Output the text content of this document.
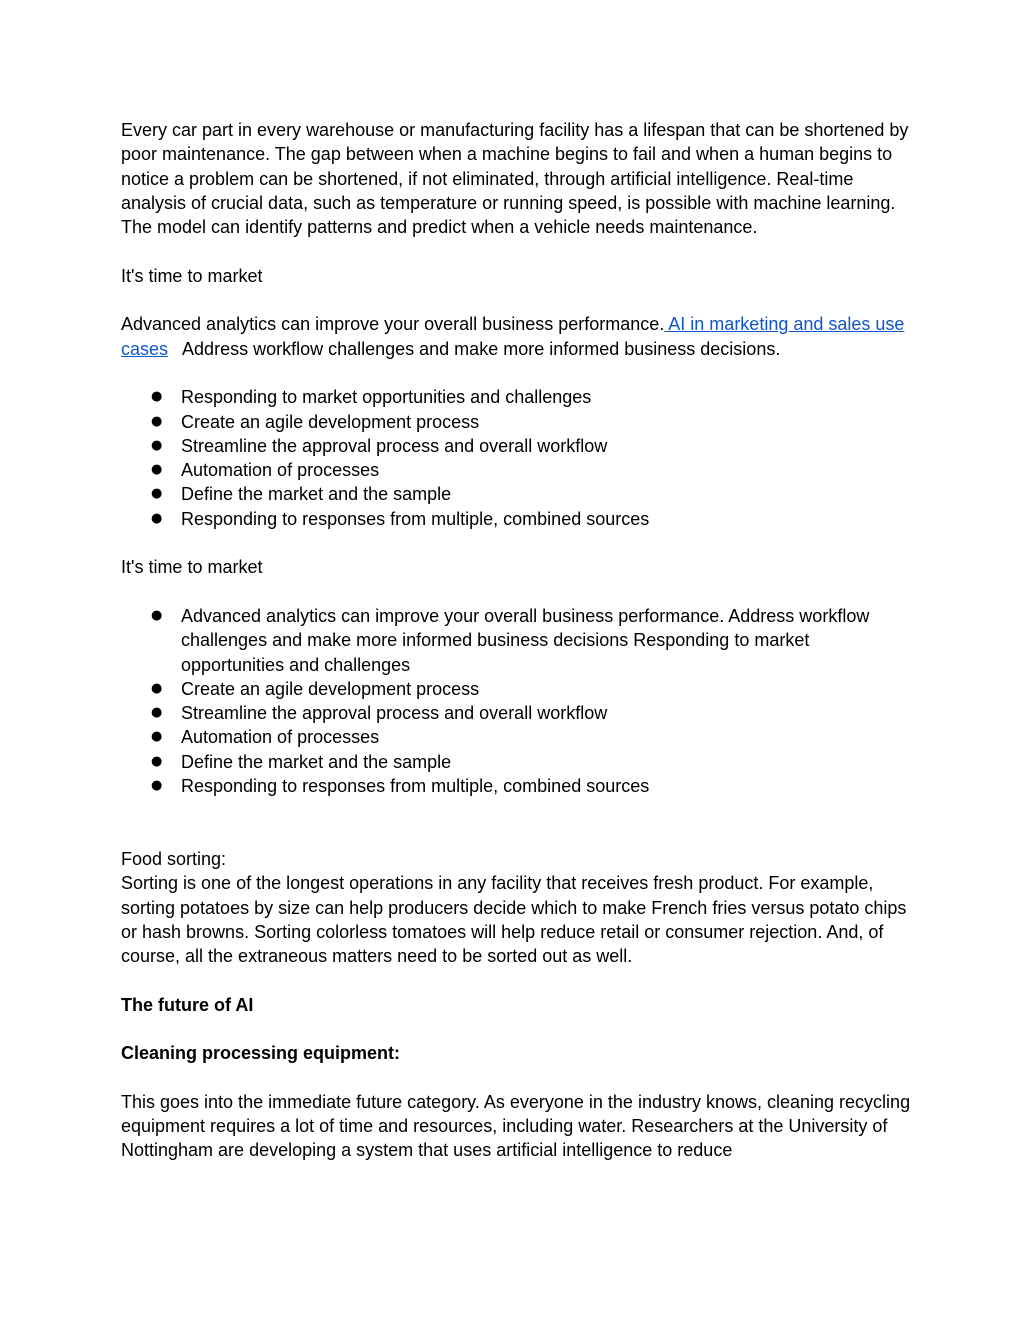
Every car part in every warehouse or manufacturing facility has a lifespan that can be shortened by poor maintenance. The gap between when a machine begins to fail and when a human begins to notice a problem can be shortened, if not eliminated, through artificial intelligence. Real-time analysis of crucial data, such as temperature or running speed, is possible with machine learning. The model can identify patterns and predict when a vehicle needs maintenance.

It's time to market

Advanced analytics can improve your overall business performance. AI in marketing and sales use cases   Address workflow challenges and make more informed business decisions.

● Responding to market opportunities and challenges
● Create an agile development process
● Streamline the approval process and overall workflow
● Automation of processes
● Define the market and the sample
● Responding to responses from multiple, combined sources

It's time to market

● Advanced analytics can improve your overall business performance. Address workflow challenges and make more informed business decisions Responding to market opportunities and challenges
● Create an agile development process
● Streamline the approval process and overall workflow
● Automation of processes
● Define the market and the sample
● Responding to responses from multiple, combined sources

Food sorting:

Sorting is one of the longest operations in any facility that receives fresh product. For example, sorting potatoes by size can help producers decide which to make French fries versus potato chips or hash browns. Sorting colorless tomatoes will help reduce retail or consumer rejection. And, of course, all the extraneous matters need to be sorted out as well.

The future of AI

Cleaning processing equipment:

This goes into the immediate future category. As everyone in the industry knows, cleaning recycling equipment requires a lot of time and resources, including water. Researchers at the University of Nottingham are developing a system that uses artificial intelligence to reduce
